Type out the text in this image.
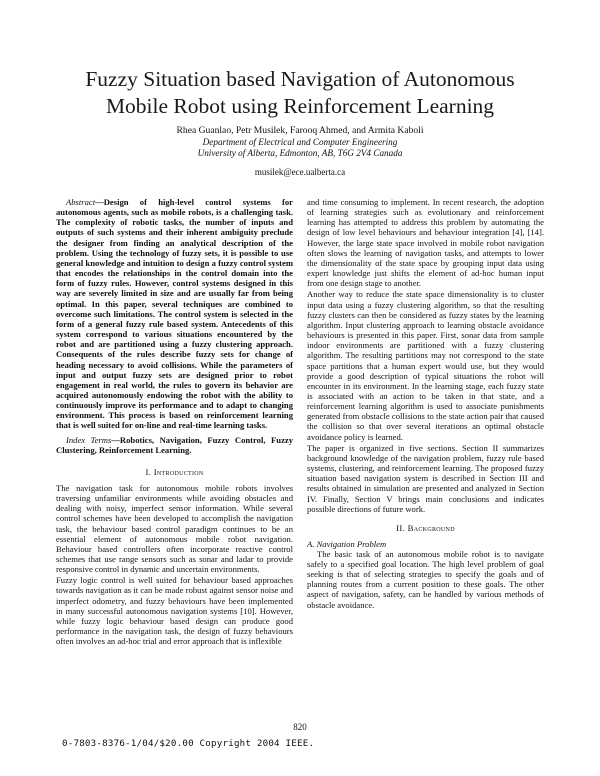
Fuzzy Situation based Navigation of Autonomous
Mobile Robot using Reinforcement Learning
Rhea Guanlao, Petr Musilek, Farooq Ahmed, and Armita Kaboli
Department of Electrical and Computer Engineering
University of Alberta, Edmonton, AB, T6G 2V4 Canada
musilek@ece.ualberta.ca

Abstract—Design of high-level control systems for autonomous agents, such as mobile robots, is a challenging task. The complexity of robotic tasks, the number of inputs and outputs of such systems and their inherent ambiguity preclude the designer from finding an analytical description of the problem. Using the technology of fuzzy sets, it is possible to use general knowledge and intuition to design a fuzzy control system that encodes the relationships in the control domain into the form of fuzzy rules. However, control systems designed in this way are severely limited in size and are usually far from being optimal. In this paper, several techniques are combined to overcome such limitations. The control system is selected in the form of a general fuzzy rule based system. Antecedents of this system correspond to various situations encountered by the robot and are partitioned using a fuzzy clustering approach. Consequents of the rules describe fuzzy sets for change of heading necessary to avoid collisions. While the parameters of input and output fuzzy sets are designed prior to robot engagement in real world, the rules to govern its behavior are acquired autonomously endowing the robot with the ability to continuously improve its performance and to adapt to changing environment. This process is based on reinforcement learning that is well suited for on-line and real-time learning tasks.

Index Terms—Robotics, Navigation, Fuzzy Control, Fuzzy Clustering, Reinforcement Learning.

I. Introduction

The navigation task for autonomous mobile robots involves traversing unfamiliar environments while avoiding obstacles and dealing with noisy, imperfect sensor information. While several control schemes have been developed to accomplish the navigation task, the behaviour based control paradigm continues to be an essential element of autonomous mobile robot navigation. Behaviour based controllers often incorporate reactive control schemes that use range sensors such as sonar and ladar to provide responsive control in dynamic and uncertain environments.

Fuzzy logic control is well suited for behaviour based approaches towards navigation as it can be made robust against sensor noise and imperfect odometry, and fuzzy behaviours have been implemented in many successful autonomous navigation systems [10]. However, while fuzzy logic behaviour based design can produce good performance in the navigation task, the design of fuzzy behaviours often involves an ad-hoc trial and error approach that is inflexible

and time consuming to implement. In recent research, the adoption of learning strategies such as evolutionary and reinforcement learning has attempted to address this problem by automating the design of low level behaviours and behaviour integration [4], [14]. However, the large state space involved in mobile robot navigation often slows the learning of navigation tasks, and attempts to lower the dimensionality of the state space by grouping input data using expert knowledge just shifts the element of ad-hoc human input from one design stage to another.

Another way to reduce the state space dimensionality is to cluster input data using a fuzzy clustering algorithm, so that the resulting fuzzy clusters can then be considered as fuzzy states by the learning algorithm. Input clustering approach to learning obstacle avoidance behaviours is presented in this paper. First, sonar data from sample indoor environments are partitioned with a fuzzy clustering algorithm. The resulting partitions may not correspond to the state space partitions that a human expert would use, but they would provide a good description of typical situations the robot will encounter in its environment. In the learning stage, each fuzzy state is associated with an action to be taken in that state, and a reinforcement learning algorithm is used to associate punishments generated from obstacle collisions to the state action pair that caused the collision so that over several iterations an optimal obstacle avoidance policy is learned.

The paper is organized in five sections. Section II summarizes background knowledge of the navigation problem, fuzzy rule based systems, clustering, and reinforcement learning. The proposed fuzzy situation based navigation system is described in Section III and results obtained in simulation are presented and analyzed in Section IV. Finally, Section V brings main conclusions and indicates possible directions of future work.

II. Background
A. Navigation Problem

The basic task of an autonomous mobile robot is to navigate safely to a specified goal location. The high level problem of goal seeking is that of selecting strategies to specify the goals and of planning routes from a current position to these goals. The other aspect of navigation, safety, can be handled by various methods of obstacle avoidance.

820
0-7803-8376-1/04/$20.00 Copyright 2004 IEEE.
